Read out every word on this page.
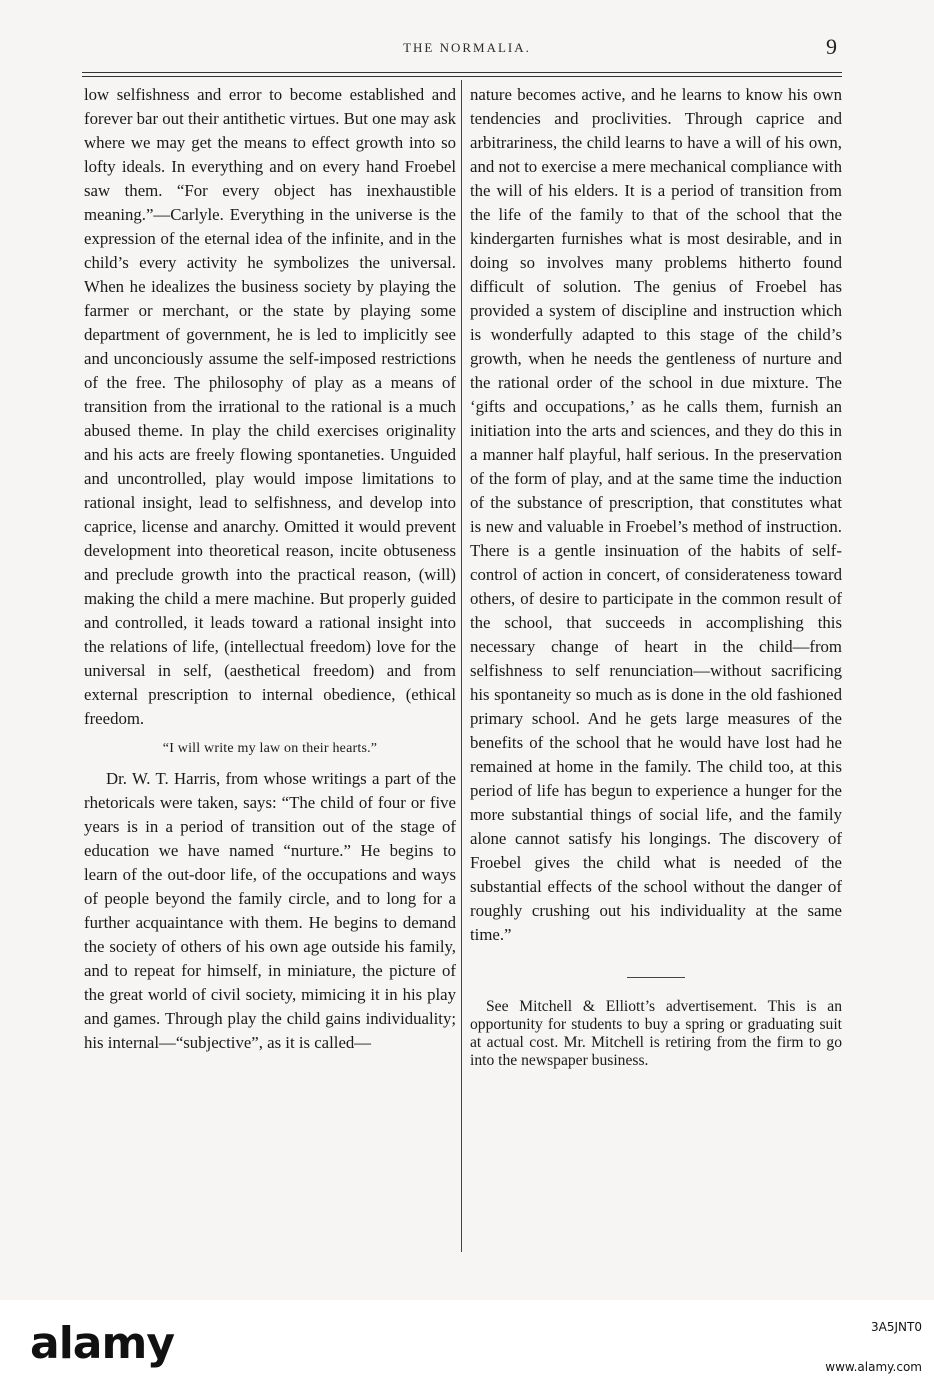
THE NORMALIA.	9

low selfishness and error to become established and forever bar out their antithetic virtues. But one may ask where we may get the means to effect growth into so lofty ideals. In everything and on every hand Froebel saw them. “For every object has inexhaustible meaning.”—Carlyle. Everything in the universe is the expression of the eternal idea of the infinite, and in the child’s every activity he symbolizes the universal. When he idealizes the business society by playing the farmer or merchant, or the state by playing some department of government, he is led to implicitly see and unconciously assume the self-imposed restrictions of the free. The philosophy of play as a means of transition from the irrational to the rational is a much abused theme. In play the child exercises originality and his acts are freely flowing spontaneties. Unguided and uncontrolled, play would impose limitations to rational insight, lead to selfishness, and develop into caprice, license and anarchy. Omitted it would prevent development into theoretical reason, incite obtuseness and preclude growth into the practical reason, (will) making the child a mere machine. But properly guided and controlled, it leads toward a rational insight into the relations of life, (intellectual freedom) love for the universal in self, (aesthetical freedom) and from external prescription to internal obedience, (ethical freedom.

“I will write my law on their hearts.”

Dr. W. T. Harris, from whose writings a part of the rhetoricals were taken, says: “The child of four or five years is in a period of transition out of the stage of education we have named “nurture.” He begins to learn of the out-door life, of the occupations and ways of people beyond the family circle, and to long for a further acquaintance with them. He begins to demand the society of others of his own age outside his family, and to repeat for himself, in miniature, the picture of the great world of civil society, mimicing it in his play and games. Through play the child gains individuality; his internal—“subjective”, as it is called—

nature becomes active, and he learns to know his own tendencies and proclivities. Through caprice and arbitrariness, the child learns to have a will of his own, and not to exercise a mere mechanical compliance with the will of his elders. It is a period of transition from the life of the family to that of the school that the kindergarten furnishes what is most desirable, and in doing so involves many problems hitherto found difficult of solution. The genius of Froebel has provided a system of discipline and instruction which is wonderfully adapted to this stage of the child’s growth, when he needs the gentleness of nurture and the rational order of the school in due mixture. The ‘gifts and occupations,’ as he calls them, furnish an initiation into the arts and sciences, and they do this in a manner half playful, half serious. In the preservation of the form of play, and at the same time the induction of the substance of prescription, that constitutes what is new and valuable in Froebel’s method of instruction. There is a gentle insinuation of the habits of self-control of action in concert, of considerateness toward others, of desire to participate in the common result of the school, that succeeds in accomplishing this necessary change of heart in the child—from selfishness to self renunciation—without sacrificing his spontaneity so much as is done in the old fashioned primary school. And he gets large measures of the benefits of the school that he would have lost had he remained at home in the family. The child too, at this period of life has begun to experience a hunger for the more substantial things of social life, and the family alone cannot satisfy his longings. The discovery of Froebel gives the child what is needed of the substantial effects of the school without the danger of roughly crushing out his individuality at the same time.”

See Mitchell & Elliott’s advertisement. This is an opportunity for students to buy a spring or graduating suit at actual cost. Mr. Mitchell is retiring from the firm to go into the newspaper business.

alamy	3A5JNT0
www.alamy.com
